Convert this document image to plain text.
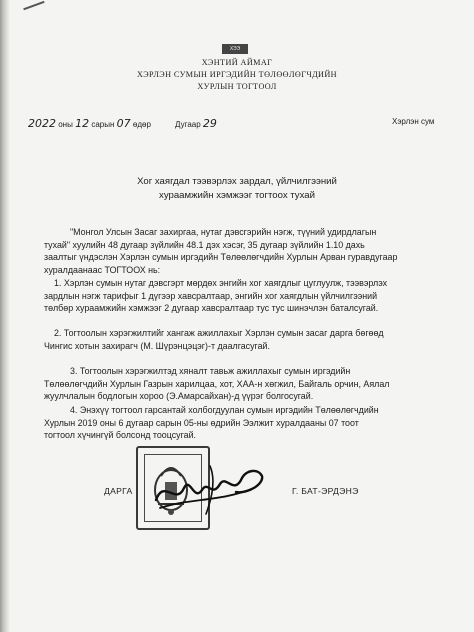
ХЭЭ
ХЭНТИЙ АЙМАГ
ХЭРЛЭН СУМЫН ИРГЭДИЙН ТӨЛӨӨЛӨГЧДИЙН
ХУРЛЫН ТОГТООЛ
2022 оны 12 сарын 07 өдөр	Дугаар 29	Хэрлэн сум
Хог хаягдал тээвэрлэх зардал, үйлчилгээний
хураамжийн хэмжээг тогтоох тухай
"Монгол Улсын Засаг захиргаа, нутаг дэвсгэрийн нэгж, түүний удирдлагын
тухай" хуулийн 48 дугаар зүйлийн 48.1 дэх хэсэг, 35 дугаар зүйлийн 1.10 дахь
заалтыг үндэслэн Хэрлэн сумын иргэдийн Төлөөлөгчдийн Хурлын Арван гуравдугаар
хуралдаанаас ТОГТООХ нь:
1. Хэрлэн сумын нутаг дэвсгэрт мөрдөх энгийн хог хаягдлыг цуглуулж, тээвэрлэх
зардлын нэгж тарифыг 1 дүгээр хавсралтаар, энгийн хог хаягдлын үйлчилгээний
төлбөр хураамжийн хэмжээг 2 дугаар хавсралтаар тус тус шинэчлэн баталсугай.
2. Тогтоолын хэрэгжилтийг хангаж ажиллахыг Хэрлэн сумын засаг дарга бөгөөд
Чингис хотын захирагч (М. Шүрэнцэцэг)-т даалгасугай.
3. Тогтоолын хэрэгжилтэд хяналт тавьж ажиллахыг сумын иргэдийн
Төлөөлөгчдийн Хурлын Газрын харилцаа, хот, ХАА-н хөгжил, Байгаль орчин, Аялал
жуулчлалын бодлогын хороо (Э.Амарсайхан)-д үүрэг болгосугай.
4. Энэхүү тогтоол гарсантай холбогдуулан сумын иргэдийн Төлөөлөгчдийн
Хурлын 2019 оны 6 дугаар сарын 05-ны өдрийн Ээлжит хуралдааны 07 тоот
тогтоол хүчингүй болсонд тооцсугай.
ДАРГА	Г. БАТ-ЭРДЭНЭ
